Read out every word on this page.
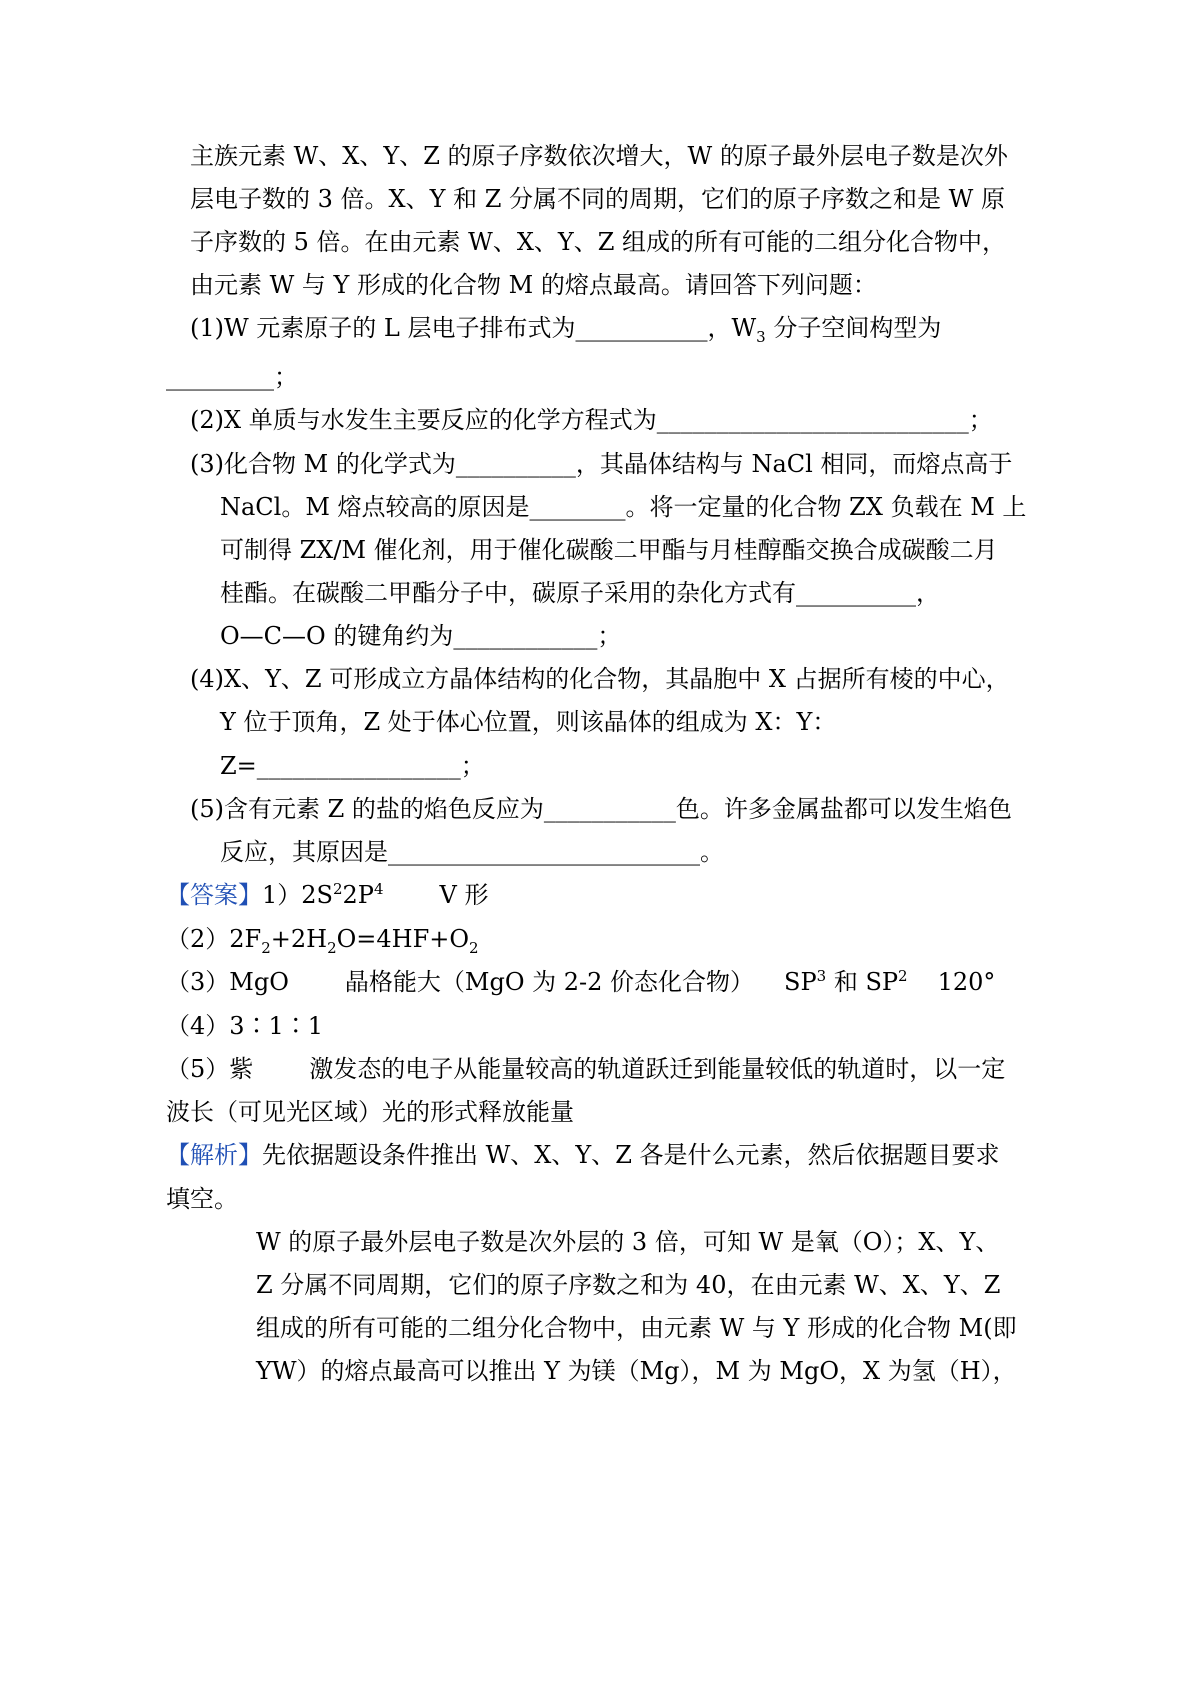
主族元素 W、X、Y、Z 的原子序数依次增大，W 的原子最外层电子数是次外
层电子数的 3 倍。X、Y 和 Z 分属不同的周期，它们的原子序数之和是 W 原
子序数的 5 倍。在由元素 W、X、Y、Z 组成的所有可能的二组分化合物中，
由元素 W 与 Y 形成的化合物 M 的熔点最高。请回答下列问题：
(1)W 元素原子的 L 层电子排布式为___________，$W_3$ 分子空间构型为
_________；
(2)X 单质与水发生主要反应的化学方程式为__________________________；
(3)化合物 M 的化学式为__________，其晶体结构与 NaCl 相同，而熔点高于
NaCl。M 熔点较高的原因是________。将一定量的化合物 ZX 负载在 M 上
可制得 ZX/M 催化剂，用于催化碳酸二甲酯与月桂醇酯交换合成碳酸二月
桂酯。在碳酸二甲酯分子中，碳原子采用的杂化方式有__________，
O—C—O 的键角约为____________；
(4)X、Y、Z 可形成立方晶体结构的化合物，其晶胞中 X 占据所有棱的中心，
Y 位于顶角，Z 处于体心位置，则该晶体的组成为 X：Y：
Z=_________________；
(5)含有元素 Z 的盐的焰色反应为___________色。许多金属盐都可以发生焰色
反应，其原因是__________________________。
【答案】$1)2S^22P^4$ V 形
$(2)2F_2+2H_2O=4HF+O_2$
（3）MgO 晶格能大（MgO 为 2-2 价态化合物） $SP^3$ 和 $SP^2$ 120°
（4）3∶1∶1
（5）紫 激发态的电子从能量较高的轨道跃迁到能量较低的轨道时，以一定
波长（可见光区域）光的形式释放能量
【解析】先依据题设条件推出 W、X、Y、Z 各是什么元素，然后依据题目要求
填空。
W 的原子最外层电子数是次外层的 3 倍，可知 W 是氧（O）；X、Y、
Z 分属不同周期，它们的原子序数之和为 40，在由元素 W、X、Y、Z
组成的所有可能的二组分化合物中，由元素 W 与 Y 形成的化合物 M(即
YW）的熔点最高可以推出 Y 为镁（Mg），M 为 MgO，X 为氢（H），
